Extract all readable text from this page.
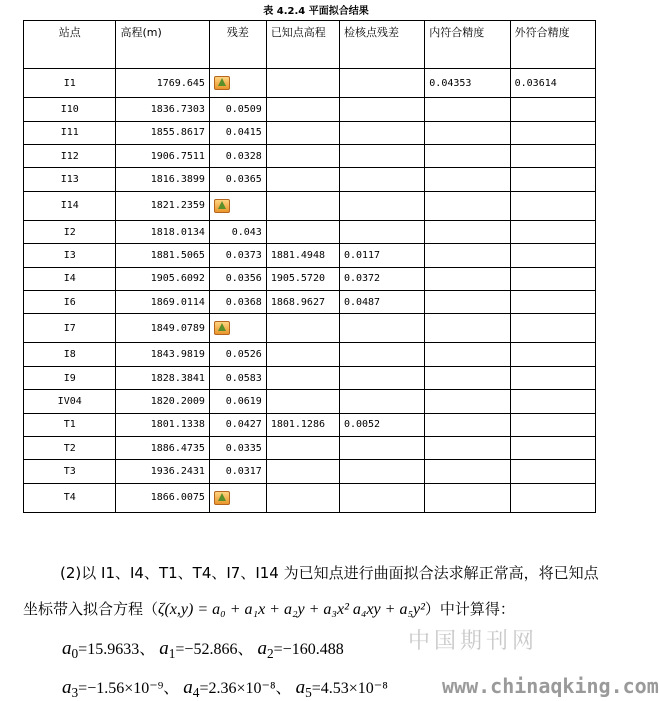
表 4.2.4 平面拟合结果
站点	高程(m)	残差	已知点高程	检核点残差	内符合精度	外符合精度
I1	1769.645				0.04353	0.03614
I10	1836.7303	0.0509				
I11	1855.8617	0.0415				
I12	1906.7511	0.0328				
I13	1816.3899	0.0365				
I14	1821.2359					
I2	1818.0134	0.043				
I3	1881.5065	0.0373	1881.4948	0.0117		
I4	1905.6092	0.0356	1905.5720	0.0372		
I6	1869.0114	0.0368	1868.9627	0.0487		
I7	1849.0789					
I8	1843.9819	0.0526				
I9	1828.3841	0.0583				
IV04	1820.2009	0.0619				
T1	1801.1338	0.0427	1801.1286	0.0052		
T2	1886.4735	0.0335				
T3	1936.2431	0.0317				
T4	1866.0075					
(2)以 I1、I4、T1、T4、I7、I14 为已知点进行曲面拟合法求解正常高，将已知点
坐标带入拟合方程（ζ(x,y) = a₀ + a₁x + a₂y + a₃x² a₄xy + a₅y²）中计算得：
$a_0=15.9633$、 $a_1=-52.866$、 $a_2=-160.488$
$a_3=-1.56\times 10^{-9}$、 $a_4=2.36\times 10^{-8}$、 $a_5=4.53\times 10^{-8}$
中国期刊网
www.chinaqking.com
